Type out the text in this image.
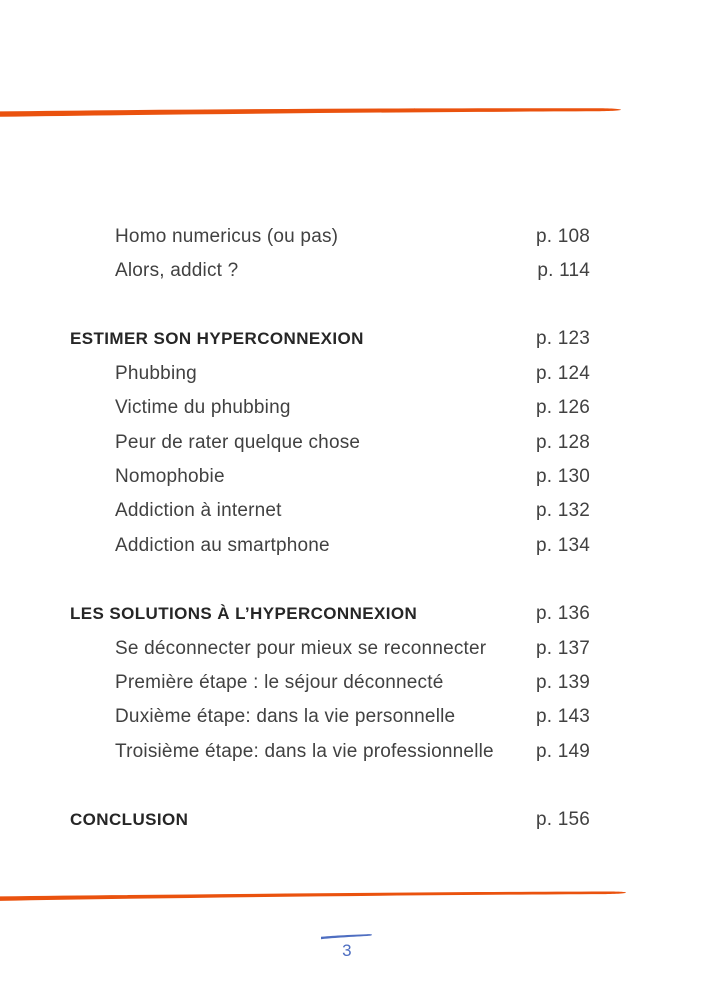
Homo numericus (ou pas)	p. 108
Alors, addict ?	p. 114
ESTIMER SON HYPERCONNEXION	p. 123
Phubbing	p. 124
Victime du phubbing	p. 126
Peur de rater quelque chose	p. 128
Nomophobie	p. 130
Addiction à internet	p. 132
Addiction au smartphone	p. 134
LES SOLUTIONS À L’HYPERCONNEXION	p. 136
Se déconnecter pour mieux se reconnecter	p. 137
Première étape : le séjour déconnecté	p. 139
Duxième étape: dans la vie personnelle	p. 143
Troisième étape: dans la vie professionnelle	p. 149
CONCLUSION	p. 156
3
